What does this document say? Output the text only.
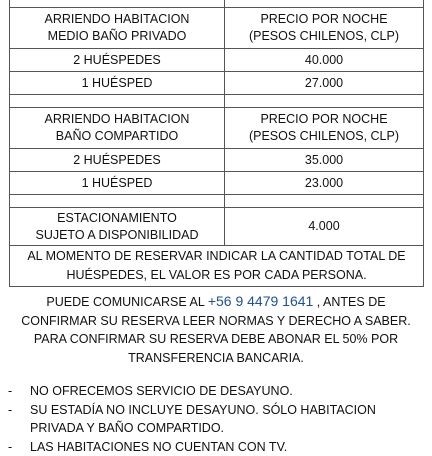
ARRIENDO HABITACION
MEDIO BAÑO PRIVADO	PRECIO POR NOCHE
(PESOS CHILENOS, CLP)
2 HUÉSPEDES	40.000
1 HUÉSPED	27.000

ARRIENDO HABITACION
BAÑO COMPARTIDO	PRECIO POR NOCHE
(PESOS CHILENOS, CLP)
2 HUÉSPEDES	35.000
1 HUÉSPED	23.000

ESTACIONAMIENTO
SUJETO A DISPONIBILIDAD	4.000
AL MOMENTO DE RESERVAR INDICAR LA CANTIDAD TOTAL DE
HUÉSPEDES, EL VALOR ES POR CADA PERSONA.	
PUEDE COMUNICARSE AL +56 9 4479 1641 , ANTES DE
CONFIRMAR SU RESERVA LEER NORMAS Y DERECHO A SABER.
PARA CONFIRMAR SU RESERVA DEBE ABONAR EL 50% POR
TRANSFERENCIA BANCARIA.
- NO OFRECEMOS SERVICIO DE DESAYUNO.
- SU ESTADÍA NO INCLUYE DESAYUNO. SÓLO HABITACION
PRIVADA Y BAÑO COMPARTIDO.
- LAS HABITACIONES NO CUENTAN CON TV.
